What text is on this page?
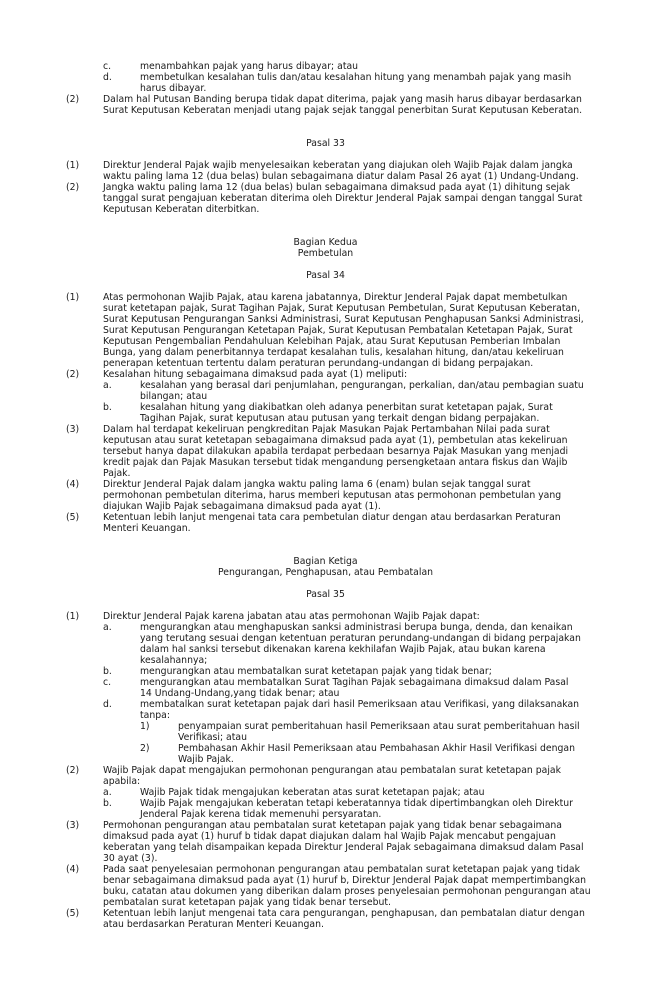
c.	menambahkan pajak yang harus dibayar; atau
d.	membetulkan kesalahan tulis dan/atau kesalahan hitung yang menambah pajak yang masih
harus dibayar.
(2)	Dalam hal Putusan Banding berupa tidak dapat diterima, pajak yang masih harus dibayar berdasarkan
Surat Keputusan Keberatan menjadi utang pajak sejak tanggal penerbitan Surat Keputusan Keberatan.
Pasal 33
(1)	Direktur Jenderal Pajak wajib menyelesaikan keberatan yang diajukan oleh Wajib Pajak dalam jangka
waktu paling lama 12 (dua belas) bulan sebagaimana diatur dalam Pasal 26 ayat (1) Undang-Undang.
(2)	Jangka waktu paling lama 12 (dua belas) bulan sebagaimana dimaksud pada ayat (1) dihitung sejak
tanggal surat pengajuan keberatan diterima oleh Direktur Jenderal Pajak sampai dengan tanggal Surat
Keputusan Keberatan diterbitkan.
Bagian Kedua
Pembetulan
Pasal 34
(1)	Atas permohonan Wajib Pajak, atau karena jabatannya, Direktur Jenderal Pajak dapat membetulkan
surat ketetapan pajak, Surat Tagihan Pajak, Surat Keputusan Pembetulan, Surat Keputusan Keberatan,
Surat Keputusan Pengurangan Sanksi Administrasi, Surat Keputusan Penghapusan Sanksi Administrasi,
Surat Keputusan Pengurangan Ketetapan Pajak, Surat Keputusan Pembatalan Ketetapan Pajak, Surat
Keputusan Pengembalian Pendahuluan Kelebihan Pajak, atau Surat Keputusan Pemberian Imbalan
Bunga, yang dalam penerbitannya terdapat kesalahan tulis, kesalahan hitung, dan/atau kekeliruan
penerapan ketentuan tertentu dalam peraturan perundang-undangan di bidang perpajakan.
(2)	Kesalahan hitung sebagaimana dimaksud pada ayat (1) meliputi:
a.	kesalahan yang berasal dari penjumlahan, pengurangan, perkalian, dan/atau pembagian suatu
bilangan; atau
b.	kesalahan hitung yang diakibatkan oleh adanya penerbitan surat ketetapan pajak, Surat
Tagihan Pajak, surat keputusan atau putusan yang terkait dengan bidang perpajakan.
(3)	Dalam hal terdapat kekeliruan pengkreditan Pajak Masukan Pajak Pertambahan Nilai pada surat
keputusan atau surat ketetapan sebagaimana dimaksud pada ayat (1), pembetulan atas kekeliruan
tersebut hanya dapat dilakukan apabila terdapat perbedaan besarnya Pajak Masukan yang menjadi
kredit pajak dan Pajak Masukan tersebut tidak mengandung persengketaan antara fiskus dan Wajib
Pajak.
(4)	Direktur Jenderal Pajak dalam jangka waktu paling lama 6 (enam) bulan sejak tanggal surat
permohonan pembetulan diterima, harus memberi keputusan atas permohonan pembetulan yang
diajukan Wajib Pajak sebagaimana dimaksud pada ayat (1).
(5)	Ketentuan lebih lanjut mengenai tata cara pembetulan diatur dengan atau berdasarkan Peraturan
Menteri Keuangan.
Bagian Ketiga
Pengurangan, Penghapusan, atau Pembatalan
Pasal 35
(1)	Direktur Jenderal Pajak karena jabatan atau atas permohonan Wajib Pajak dapat:
a.	mengurangkan atau menghapuskan sanksi administrasi berupa bunga, denda, dan kenaikan
yang terutang sesuai dengan ketentuan peraturan perundang-undangan di bidang perpajakan
dalam hal sanksi tersebut dikenakan karena kekhilafan Wajib Pajak, atau bukan karena
kesalahannya;
b.	mengurangkan atau membatalkan surat ketetapan pajak yang tidak benar;
c.	mengurangkan atau membatalkan Surat Tagihan Pajak sebagaimana dimaksud dalam Pasal
14 Undang-Undang,yang tidak benar; atau
d.	membatalkan surat ketetapan pajak dari hasil Pemeriksaan atau Verifikasi, yang dilaksanakan
tanpa:
1)	penyampaian surat pemberitahuan hasil Pemeriksaan atau surat pemberitahuan hasil
Verifikasi; atau
2)	Pembahasan Akhir Hasil Pemeriksaan atau Pembahasan Akhir Hasil Verifikasi dengan
Wajib Pajak.
(2)	Wajib Pajak dapat mengajukan permohonan pengurangan atau pembatalan surat ketetapan pajak
apabila:
a.	Wajib Pajak tidak mengajukan keberatan atas surat ketetapan pajak; atau
b.	Wajib Pajak mengajukan keberatan tetapi keberatannya tidak dipertimbangkan oleh Direktur
Jenderal Pajak kerena tidak memenuhi persyaratan.
(3)	Permohonan pengurangan atau pembatalan surat ketetapan pajak yang tidak benar sebagaimana
dimaksud pada ayat (1) huruf b tidak dapat diajukan dalam hal Wajib Pajak mencabut pengajuan
keberatan yang telah disampaikan kepada Direktur Jenderal Pajak sebagaimana dimaksud dalam Pasal
30 ayat (3).
(4)	Pada saat penyelesaian permohonan pengurangan atau pembatalan surat ketetapan pajak yang tidak
benar sebagaimana dimaksud pada ayat (1) huruf b, Direktur Jenderal Pajak dapat mempertimbangkan
buku, catatan atau dokumen yang diberikan dalam proses penyelesaian permohonan pengurangan atau
pembatalan surat ketetapan pajak yang tidak benar tersebut.
(5)	Ketentuan lebih lanjut mengenai tata cara pengurangan, penghapusan, dan pembatalan diatur dengan
atau berdasarkan Peraturan Menteri Keuangan.
